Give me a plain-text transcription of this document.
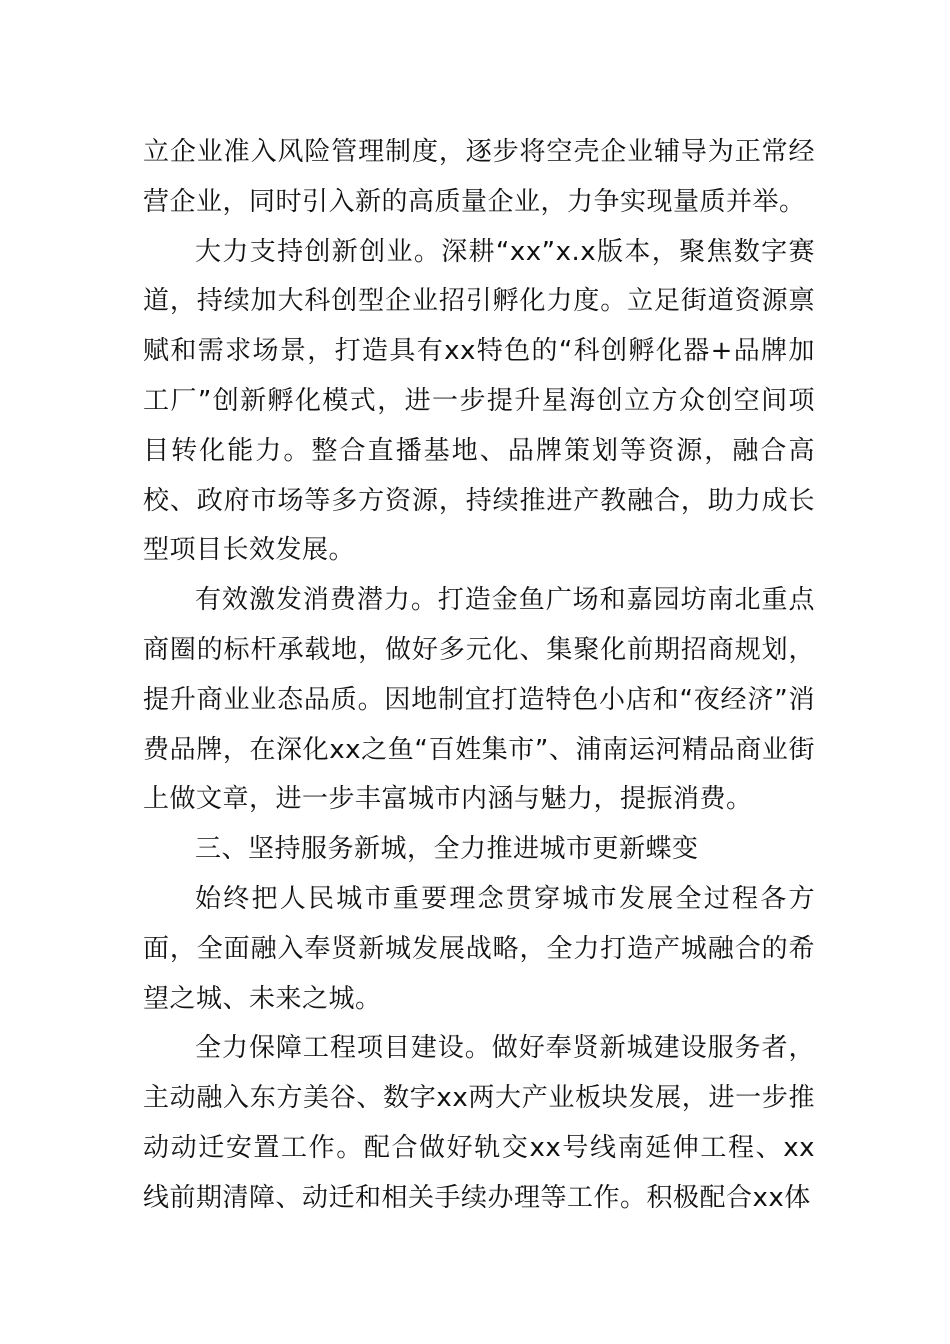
立企业准入风险管理制度，逐步将空壳企业辅导为正常经营企业，同时引入新的高质量企业，力争实现量质并举。

大力支持创新创业。深耕“xx”x.x版本，聚焦数字赛道，持续加大科创型企业招引孵化力度。立足街道资源禀赋和需求场景，打造具有xx特色的“科创孵化器+品牌加工厂”创新孵化模式，进一步提升星海创立方众创空间项目转化能力。整合直播基地、品牌策划等资源，融合高校、政府市场等多方资源，持续推进产教融合，助力成长型项目长效发展。

有效激发消费潜力。打造金鱼广场和嘉园坊南北重点商圈的标杆承载地，做好多元化、集聚化前期招商规划，提升商业业态品质。因地制宜打造特色小店和“夜经济”消费品牌，在深化xx之鱼“百姓集市”、浦南运河精品商业街上做文章，进一步丰富城市内涵与魅力，提振消费。

三、坚持服务新城，全力推进城市更新蝶变

始终把人民城市重要理念贯穿城市发展全过程各方面，全面融入奉贤新城发展战略，全力打造产城融合的希望之城、未来之城。

全力保障工程项目建设。做好奉贤新城建设服务者，主动融入东方美谷、数字xx两大产业板块发展，进一步推动动迁安置工作。配合做好轨交xx号线南延伸工程、xx线前期清障、动迁和相关手续办理等工作。积极配合xx体
